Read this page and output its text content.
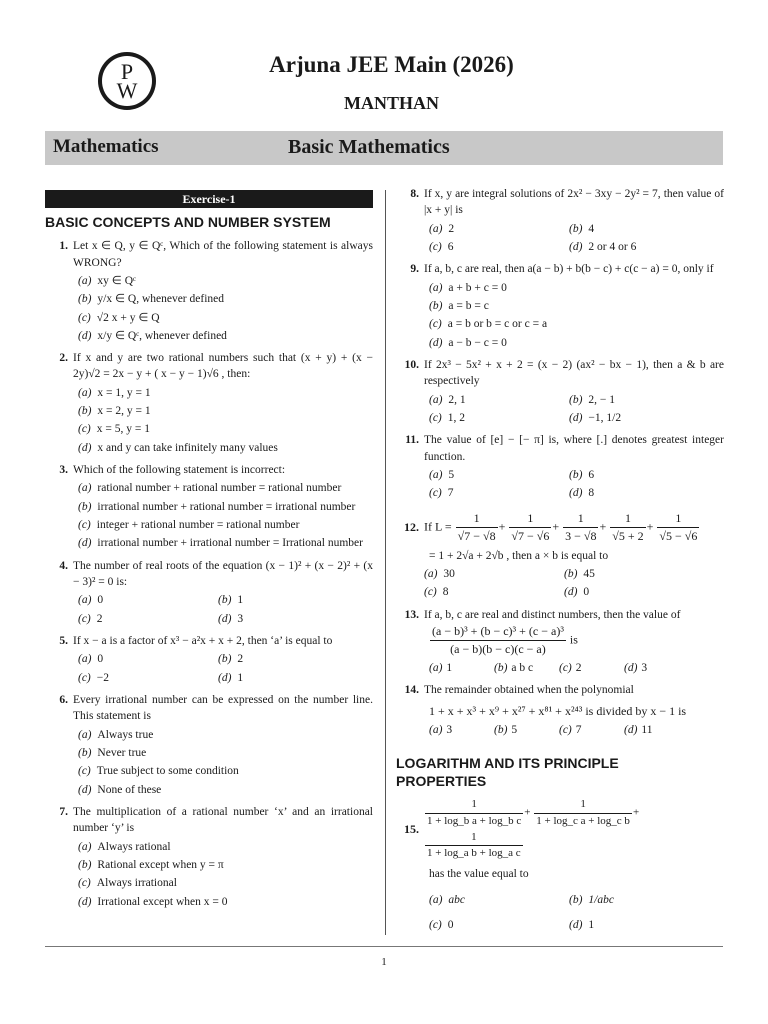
P
W
Arjuna JEE Main (2026)
MANTHAN
Mathematics	Basic Mathematics
Exercise-1
BASIC CONCEPTS AND NUMBER SYSTEM
1. Let x ∈ Q, y ∈ Qᶜ, Which of the following statement is always WRONG?
(a) xy ∈ Qᶜ
(b) y/x ∈ Q, whenever defined
(c) √2 x + y ∈ Q
(d) x/y ∈ Qᶜ, whenever defined
2. If x and y are two rational numbers such that (x + y) + (x − 2y)√2 = 2x − y + ( x − y − 1)√6 , then:
(a) x = 1, y = 1
(b) x = 2, y = 1
(c) x = 5, y = 1
(d) x and y can take infinitely many values
3. Which of the following statement is incorrect:
(a) rational number + rational number = rational number
(b) irrational number + rational number = irrational number
(c) integer + rational number = rational number
(d) irrational number + irrational number = Irrational number
4. The number of real roots of the equation (x − 1)² + (x − 2)² + (x − 3)² = 0 is:
(a) 0	(b) 1
(c) 2	(d) 3
5. If x − a is a factor of x³ − a²x + x + 2, then ‘a’ is equal to
(a) 0	(b) 2
(c) −2	(d) 1
6. Every irrational number can be expressed on the number line. This statement is
(a) Always true
(b) Never true
(c) True subject to some condition
(d) None of these
7. The multiplication of a rational number ‘x’ and an irrational number ‘y’ is
(a) Always rational
(b) Rational except when y = π
(c) Always irrational
(d) Irrational except when x = 0
8. If x, y are integral solutions of 2x² − 3xy − 2y² = 7, then value of |x + y| is
(a) 2	(b) 4
(c) 6	(d) 2 or 4 or 6
9. If a, b, c are real, then a(a − b) + b(b − c) + c(c − a) = 0, only if
(a) a + b + c = 0
(b) a = b = c
(c) a = b or b = c or c = a
(d) a − b − c = 0
10. If 2x³ − 5x² + x + 2 = (x − 2) (ax² − bx − 1), then a & b are respectively
(a) 2, 1	(b) 2, − 1
(c) 1, 2	(d) −1, 1/2
11. The value of [e] − [− π] is, where [.] denotes greatest integer function.
(a) 5	(b) 6
(c) 7	(d) 8
12. If $L = \frac{1}{√7 - √8} + \frac{1}{√7 - √6} + \frac{1}{3 - √8} + \frac{1}{√5 + 2} + \frac{1}{√5 - √6}$
= 1 + 2√a + 2√b , then a × b is equal to
(a) 30	(b) 45
(c) 8	(d) 0
13. If a, b, c are real and distinct numbers, then the value of
$\frac{\text{(a − b)³ + (b − c)³ + (c − a)³}}{(a - b)(b - c)(c - a)}$ is
(a) 1	(b) a b c	(c) 2	(d) 3
14. The remainder obtained when the polynomial
1 + x + x³ + x⁹ + x²⁷ + x⁸¹ + x²⁴³ is divided by x − 1 is
(a) 3	(b) 5	(c) 7	(d) 11
LOGARITHM AND ITS PRINCIPLE PROPERTIES
15. $\frac{1}{\text{1 + log\_b a + log\_b c}} + \frac{1}{\text{1 + log\_c a + log\_c b}}$ +
$\frac{1}{\text{1 + log\_a b + log\_a c}}$
has the value equal to
(a) abc	(b) 1/abc
(c) 0	(d) 1
1
